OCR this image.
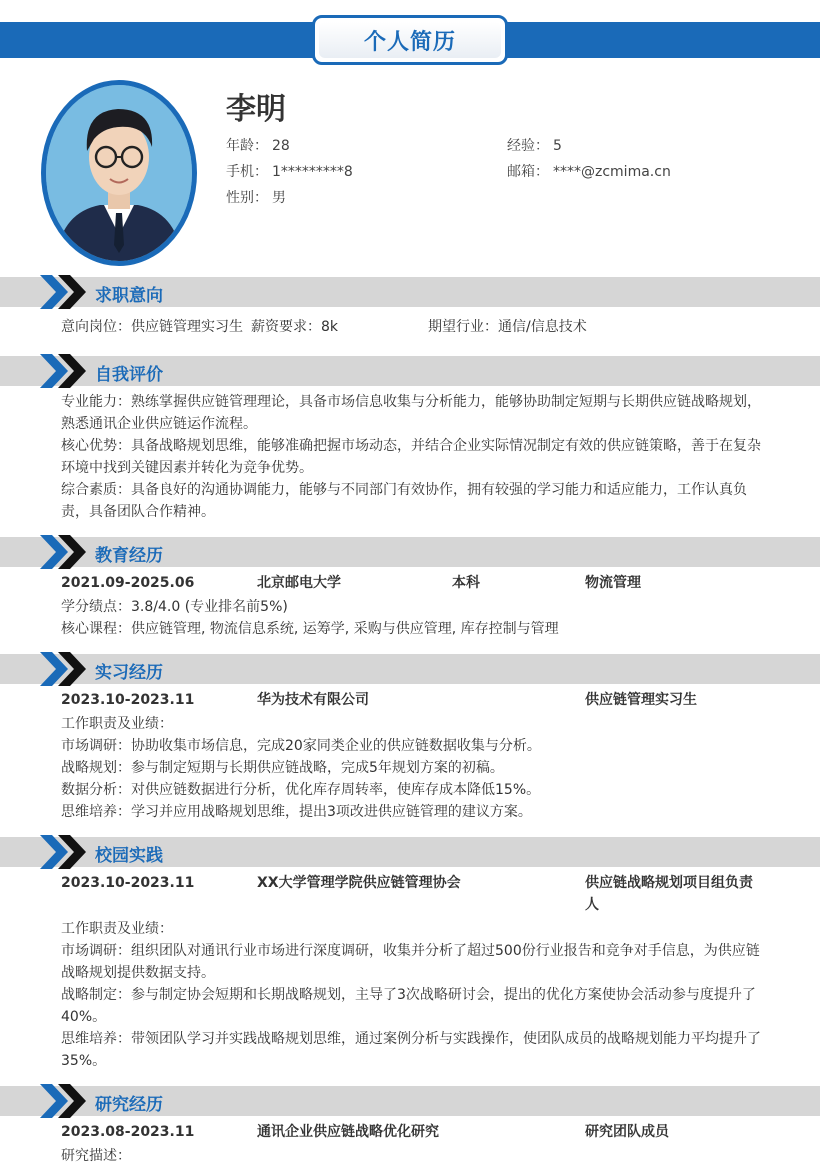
个人简历
李明
年龄： 28	经验： 5
手机： 1*********8	邮箱： ****@zcmima.cn
性别： 男
求职意向
意向岗位：供应链管理实习生 薪资要求：8k	期望行业：通信/信息技术
自我评价
专业能力：熟练掌握供应链管理理论，具备市场信息收集与分析能力，能够协助制定短期与长期供应链战略规划，熟悉通讯企业供应链运作流程。
核心优势：具备战略规划思维，能够准确把握市场动态，并结合企业实际情况制定有效的供应链策略，善于在复杂环境中找到关键因素并转化为竞争优势。
综合素质：具备良好的沟通协调能力，能够与不同部门有效协作，拥有较强的学习能力和适应能力，工作认真负责，具备团队合作精神。
教育经历
2021.09-2025.06	北京邮电大学	本科	物流管理
学分绩点：3.8/4.0 (专业排名前5%)
核心课程：供应链管理, 物流信息系统, 运筹学, 采购与供应管理, 库存控制与管理
实习经历
2023.10-2023.11	华为技术有限公司	供应链管理实习生
工作职责及业绩：
市场调研：协助收集市场信息，完成20家同类企业的供应链数据收集与分析。
战略规划：参与制定短期与长期供应链战略，完成5年规划方案的初稿。
数据分析：对供应链数据进行分析，优化库存周转率，使库存成本降低15%。
思维培养：学习并应用战略规划思维，提出3项改进供应链管理的建议方案。
校园实践
2023.10-2023.11	XX大学管理学院供应链管理协会	供应链战略规划项目组负责人
工作职责及业绩：
市场调研：组织团队对通讯行业市场进行深度调研，收集并分析了超过500份行业报告和竞争对手信息，为供应链战略规划提供数据支持。
战略制定：参与制定协会短期和长期战略规划，主导了3次战略研讨会，提出的优化方案使协会活动参与度提升了40%。
思维培养：带领团队学习并实践战略规划思维，通过案例分析与实践操作，使团队成员的战略规划能力平均提升了35%。
研究经历
2023.08-2023.11	通讯企业供应链战略优化研究	研究团队成员
研究描述：
